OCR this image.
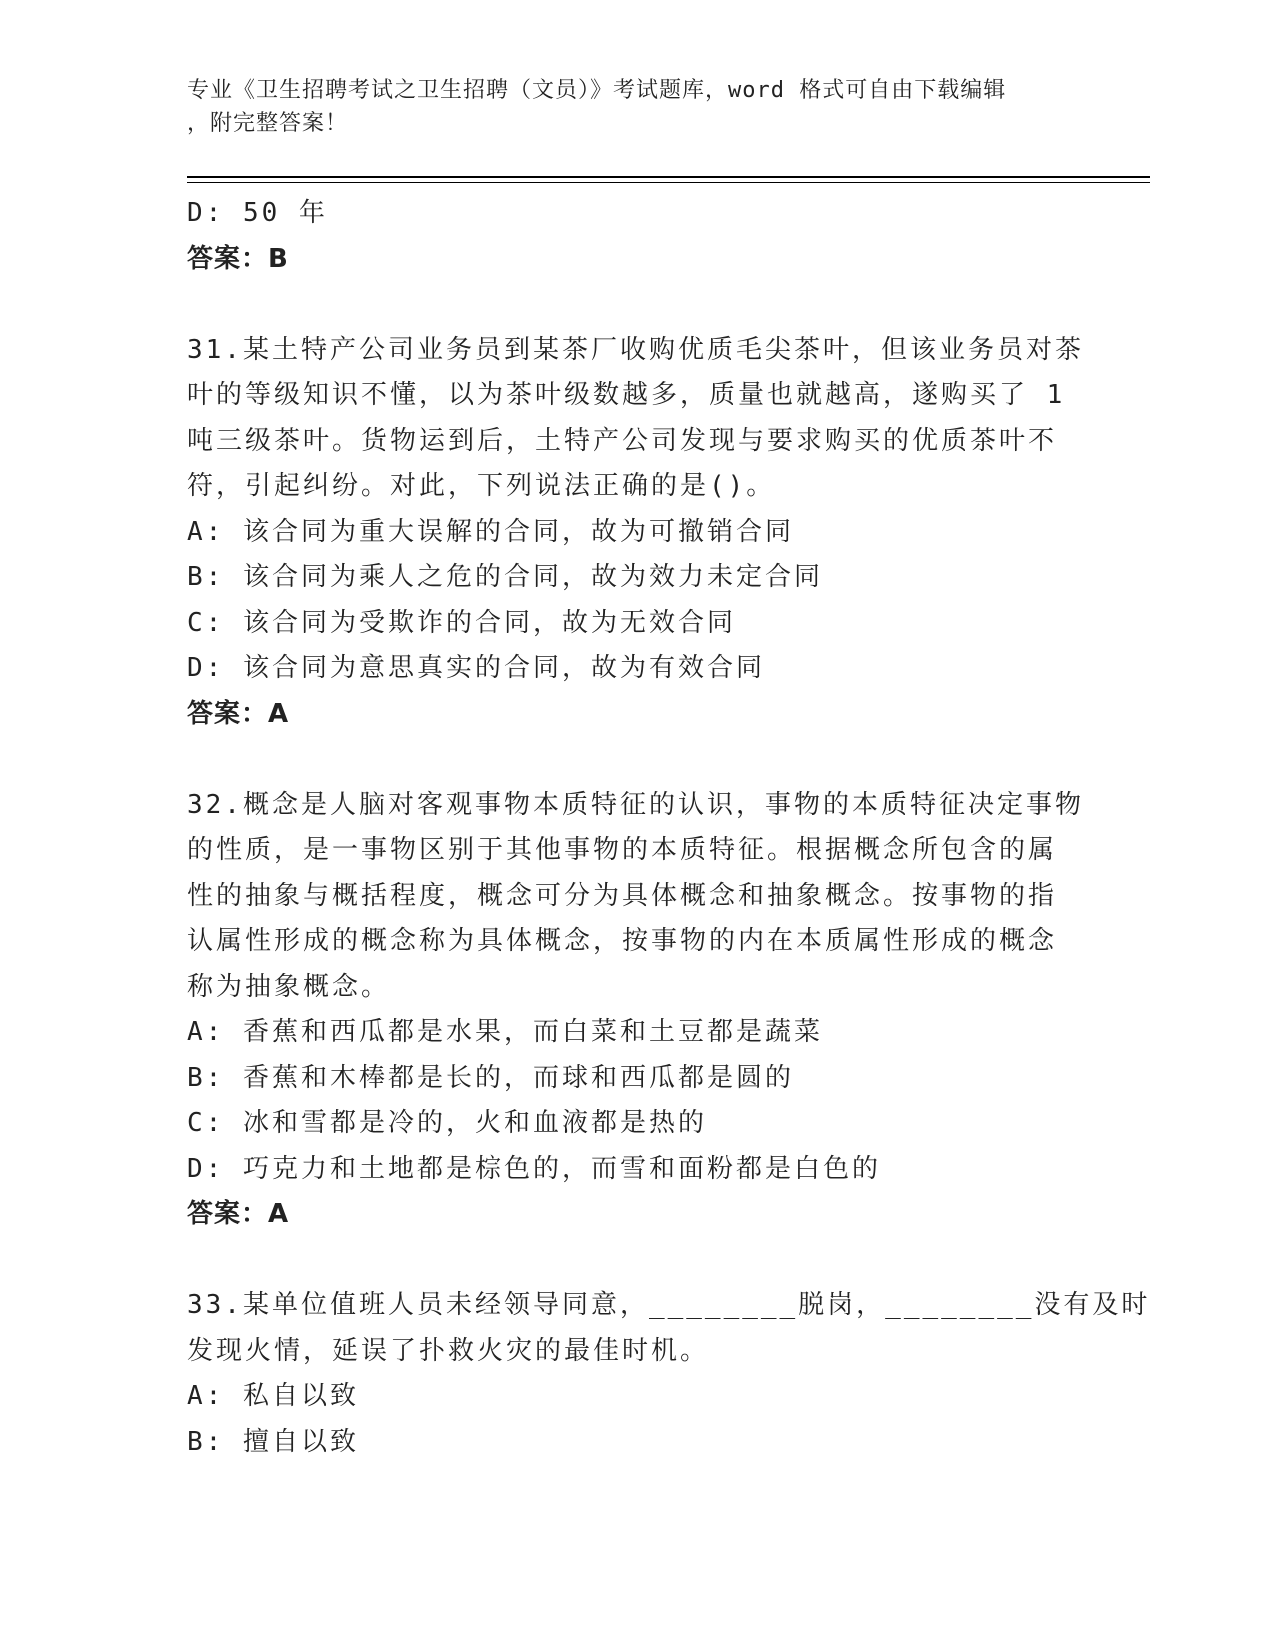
专业《卫生招聘考试之卫生招聘（文员）》考试题库，word 格式可自由下载编辑
，附完整答案！
D: 50 年
答案：B
31.某土特产公司业务员到某茶厂收购优质毛尖茶叶，但该业务员对茶
叶的等级知识不懂，以为茶叶级数越多，质量也就越高，遂购买了 1
吨三级茶叶。货物运到后，土特产公司发现与要求购买的优质茶叶不
符，引起纠纷。对此，下列说法正确的是()。
A: 该合同为重大误解的合同，故为可撤销合同
B: 该合同为乘人之危的合同，故为效力未定合同
C: 该合同为受欺诈的合同，故为无效合同
D: 该合同为意思真实的合同，故为有效合同
答案：A
32.概念是人脑对客观事物本质特征的认识，事物的本质特征决定事物
的性质，是一事物区别于其他事物的本质特征。根据概念所包含的属
性的抽象与概括程度，概念可分为具体概念和抽象概念。按事物的指
认属性形成的概念称为具体概念，按事物的内在本质属性形成的概念
称为抽象概念。
A: 香蕉和西瓜都是水果，而白菜和土豆都是蔬菜
B: 香蕉和木棒都是长的，而球和西瓜都是圆的
C: 冰和雪都是冷的，火和血液都是热的
D: 巧克力和土地都是棕色的，而雪和面粉都是白色的
答案：A
33.某单位值班人员未经领导同意，________脱岗，________没有及时
发现火情，延误了扑救火灾的最佳时机。
A: 私自以致
B: 擅自以致
